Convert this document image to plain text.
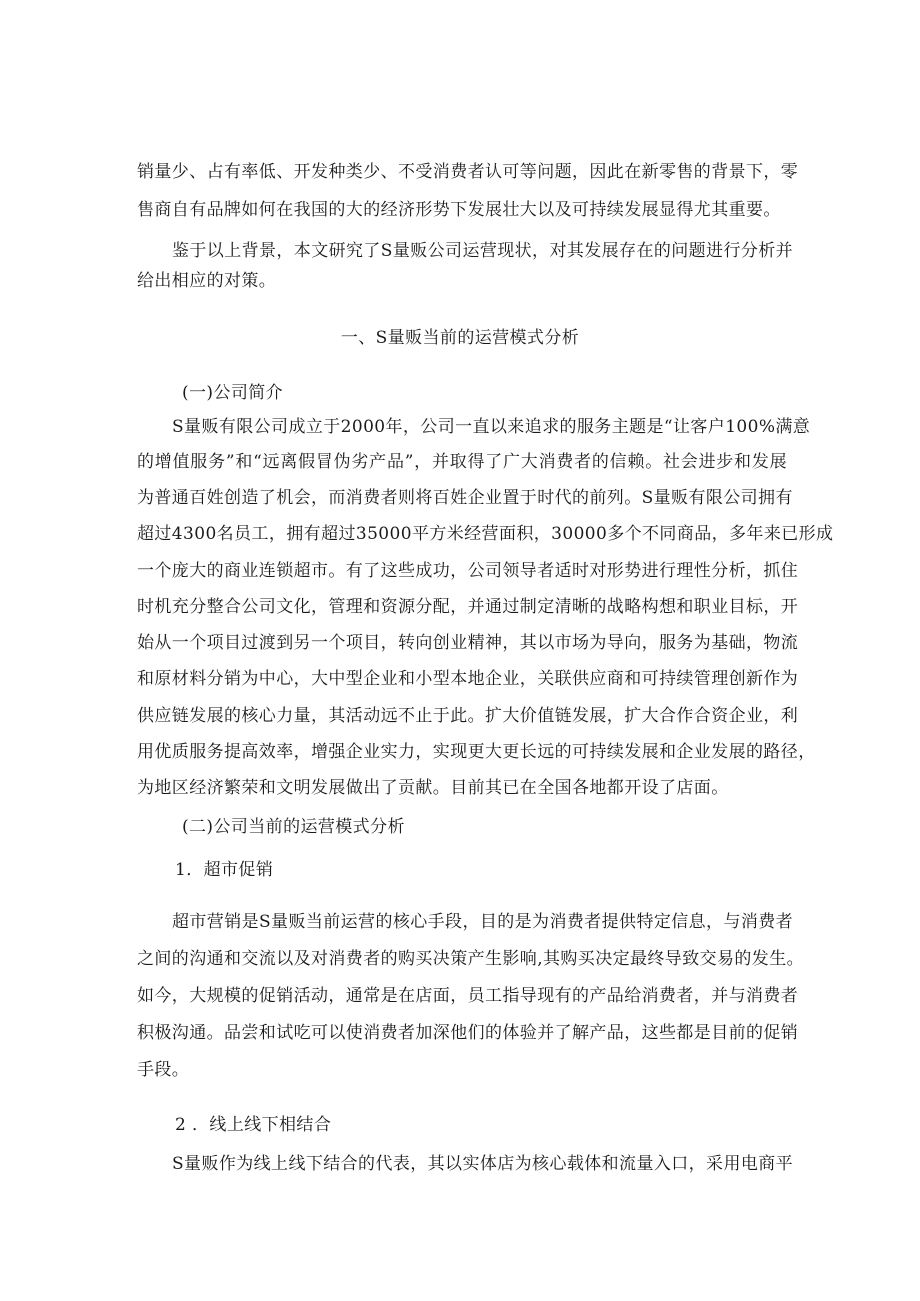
销量少、占有率低、开发种类少、不受消费者认可等问题，因此在新零售的背景下，零
售商自有品牌如何在我国的大的经济形势下发展壮大以及可持续发展显得尤其重要。
鉴于以上背景，本文研究了S量贩公司运营现状，对其发展存在的问题进行分析并
给出相应的对策。
一、S量贩当前的运营模式分析
(一)公司简介
S量贩有限公司成立于2000年，公司一直以来追求的服务主题是“让客户100%满意
的增值服务”和“远离假冒伪劣产品”，并取得了广大消费者的信赖。社会进步和发展
为普通百姓创造了机会，而消费者则将百姓企业置于时代的前列。S量贩有限公司拥有
超过4300名员工，拥有超过35000平方米经营面积，30000多个不同商品，多年来已形成
一个庞大的商业连锁超市。有了这些成功，公司领导者适时对形势进行理性分析，抓住
时机充分整合公司文化，管理和资源分配，并通过制定清晰的战略构想和职业目标，开
始从一个项目过渡到另一个项目，转向创业精神，其以市场为导向，服务为基础，物流
和原材料分销为中心，大中型企业和小型本地企业，关联供应商和可持续管理创新作为
供应链发展的核心力量，其活动远不止于此。扩大价值链发展，扩大合作合资企业，利
用优质服务提高效率，增强企业实力，实现更大更长远的可持续发展和企业发展的路径，
为地区经济繁荣和文明发展做出了贡献。目前其已在全国各地都开设了店面。
(二)公司当前的运营模式分析
1．超市促销
超市营销是S量贩当前运营的核心手段，目的是为消费者提供特定信息，与消费者
之间的沟通和交流以及对消费者的购买决策产生影响,其购买决定最终导致交易的发生。
如今，大规模的促销活动，通常是在店面，员工指导现有的产品给消费者，并与消费者
积极沟通。品尝和试吃可以使消费者加深他们的体验并了解产品，这些都是目前的促销
手段。
2 ．线上线下相结合
S量贩作为线上线下结合的代表，其以实体店为核心载体和流量入口，采用电商平
